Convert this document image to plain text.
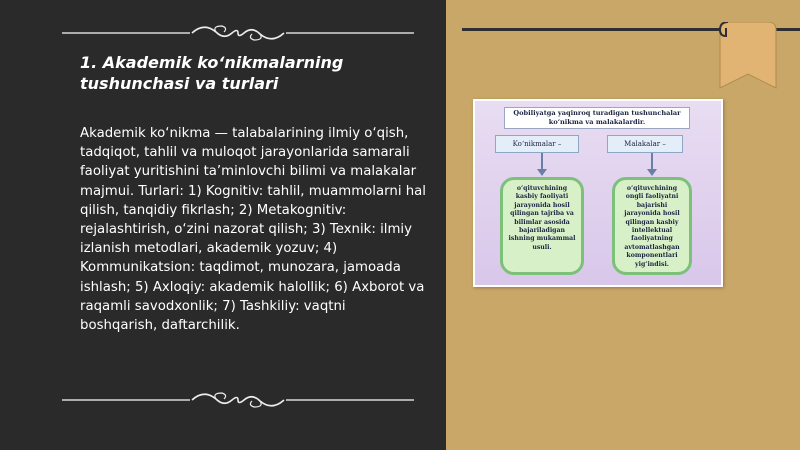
1. Akademik ko‘nikmalarning
tushunchasi va turlari

Akademik ko‘nikma — talabalarining ilmiy o‘qish, tadqiqot, tahlil va muloqot jarayonlarida samarali faoliyat yuritishini ta’minlovchi bilimi va malakalar majmui. Turlari: 1) Kognitiv: tahlil, muammolarni hal qilish, tanqidiy fikrlash; 2) Metakognitiv: rejalashtirish, o‘zini nazorat qilish; 3) Texnik: ilmiy izlanish metodlari, akademik yozuv; 4) Kommunikatsion: taqdimot, munozara, jamoada ishlash; 5) Axloqiy: akademik halollik; 6) Axborot va raqamli savodxonlik; 7) Tashkiliy: vaqtni boshqarish, daftarchilik.

Qobiliyatga yaqinroq turadigan tushunchalar ko‘nikma va malakalardir.
Ko‘nikmalar –	Malakalar –
o‘qituvchining kasbiy faoliyati jarayonida hosil qilingan tajriba va bilimlar asosida bajariladigan ishning mukammal usuli.
o‘qituvchining ongli faoliyatni bajarishi jarayonida hosil qilingan kasbiy intellektual faoliyatning avtomatlashgan komponentlari yig‘indisi.
